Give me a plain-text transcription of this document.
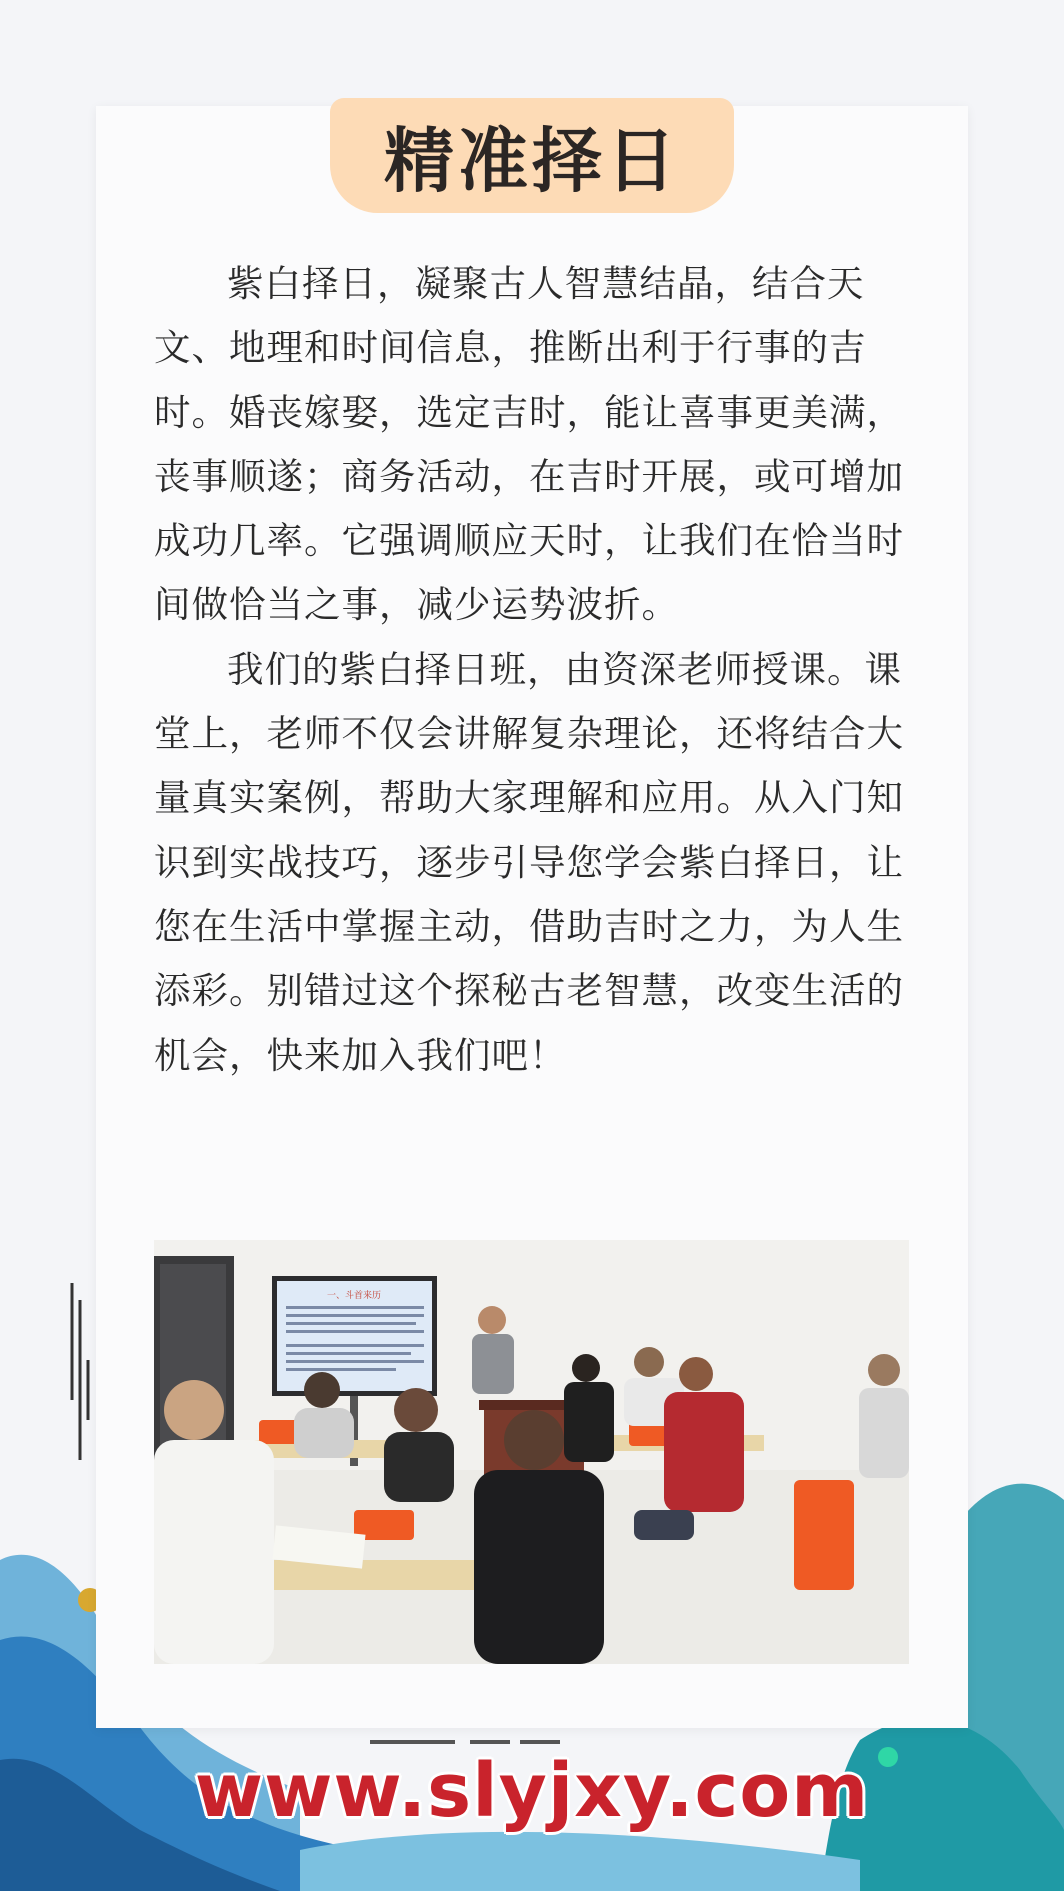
精准择日

紫白择日，凝聚古人智慧结晶，结合天文、地理和时间信息，推断出利于行事的吉时。婚丧嫁娶，选定吉时，能让喜事更美满，丧事顺遂；商务活动，在吉时开展，或可增加成功几率。它强调顺应天时，让我们在恰当时间做恰当之事，减少运势波折。

我们的紫白择日班，由资深老师授课。课堂上，老师不仅会讲解复杂理论，还将结合大量真实案例，帮助大家理解和应用。从入门知识到实战技巧，逐步引导您学会紫白择日，让您在生活中掌握主动，借助吉时之力，为人生添彩。别错过这个探秘古老智慧，改变生活的机会，快来加入我们吧！

一、斗首来历
www.slyjxy.com
